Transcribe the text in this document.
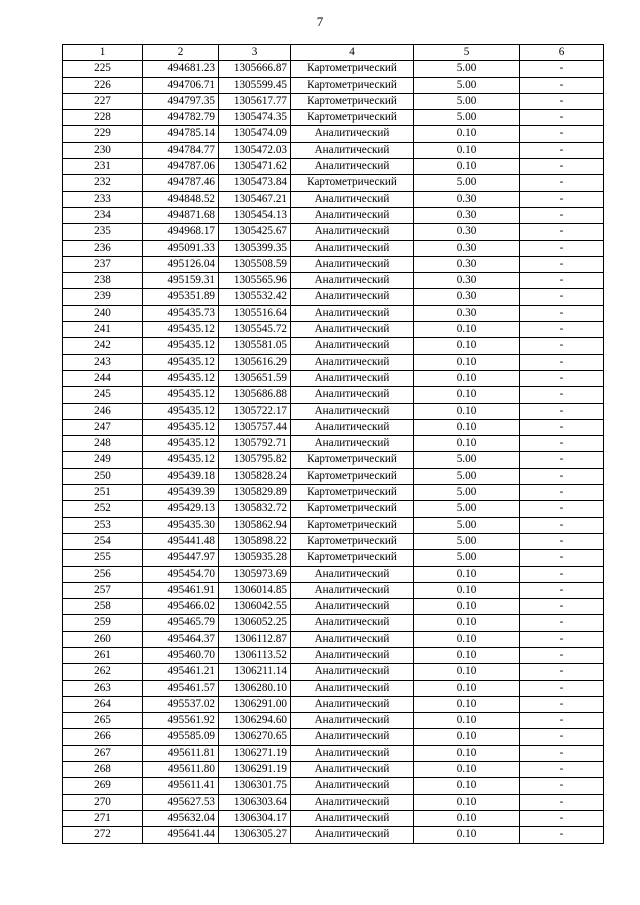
7
1	2	3	4	5	6
225	494681.23	1305666.87	Картометрический	5.00	-
226	494706.71	1305599.45	Картометрический	5.00	-
227	494797.35	1305617.77	Картометрический	5.00	-
228	494782.79	1305474.35	Картометрический	5.00	-
229	494785.14	1305474.09	Аналитический	0.10	-
230	494784.77	1305472.03	Аналитический	0.10	-
231	494787.06	1305471.62	Аналитический	0.10	-
232	494787.46	1305473.84	Картометрический	5.00	-
233	494848.52	1305467.21	Аналитический	0.30	-
234	494871.68	1305454.13	Аналитический	0.30	-
235	494968.17	1305425.67	Аналитический	0.30	-
236	495091.33	1305399.35	Аналитический	0.30	-
237	495126.04	1305508.59	Аналитический	0.30	-
238	495159.31	1305565.96	Аналитический	0.30	-
239	495351.89	1305532.42	Аналитический	0.30	-
240	495435.73	1305516.64	Аналитический	0.30	-
241	495435.12	1305545.72	Аналитический	0.10	-
242	495435.12	1305581.05	Аналитический	0.10	-
243	495435.12	1305616.29	Аналитический	0.10	-
244	495435.12	1305651.59	Аналитический	0.10	-
245	495435.12	1305686.88	Аналитический	0.10	-
246	495435.12	1305722.17	Аналитический	0.10	-
247	495435.12	1305757.44	Аналитический	0.10	-
248	495435.12	1305792.71	Аналитический	0.10	-
249	495435.12	1305795.82	Картометрический	5.00	-
250	495439.18	1305828.24	Картометрический	5.00	-
251	495439.39	1305829.89	Картометрический	5.00	-
252	495429.13	1305832.72	Картометрический	5.00	-
253	495435.30	1305862.94	Картометрический	5.00	-
254	495441.48	1305898.22	Картометрический	5.00	-
255	495447.97	1305935.28	Картометрический	5.00	-
256	495454.70	1305973.69	Аналитический	0.10	-
257	495461.91	1306014.85	Аналитический	0.10	-
258	495466.02	1306042.55	Аналитический	0.10	-
259	495465.79	1306052.25	Аналитический	0.10	-
260	495464.37	1306112.87	Аналитический	0.10	-
261	495460.70	1306113.52	Аналитический	0.10	-
262	495461.21	1306211.14	Аналитический	0.10	-
263	495461.57	1306280.10	Аналитический	0.10	-
264	495537.02	1306291.00	Аналитический	0.10	-
265	495561.92	1306294.60	Аналитический	0.10	-
266	495585.09	1306270.65	Аналитический	0.10	-
267	495611.81	1306271.19	Аналитический	0.10	-
268	495611.80	1306291.19	Аналитический	0.10	-
269	495611.41	1306301.75	Аналитический	0.10	-
270	495627.53	1306303.64	Аналитический	0.10	-
271	495632.04	1306304.17	Аналитический	0.10	-
272	495641.44	1306305.27	Аналитический	0.10	-
